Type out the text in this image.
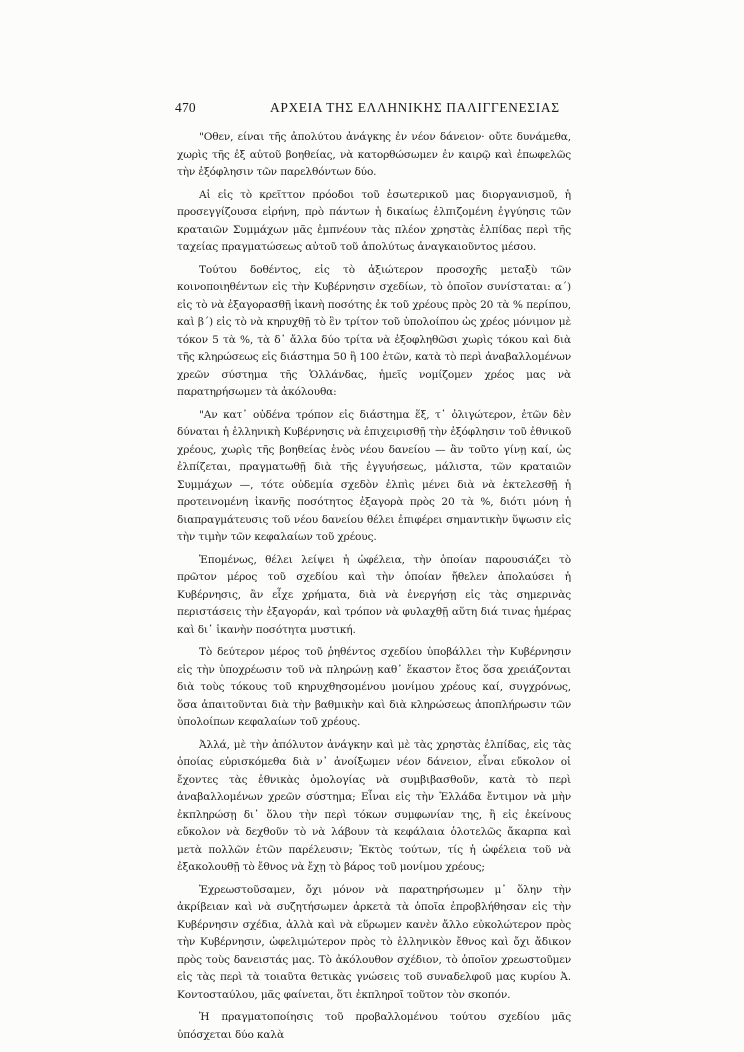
470	ΑΡΧΕΙΑ ΤΗΣ ΕΛΛΗΝΙΚΗΣ ΠΑΛΙΓΓΕΝΕΣΙΑΣ

"Οθεν, είναι τῆς ἀπολύτου ἀνάγκης ἐν νέον δάνειον· οὔτε δυνάμεθα, χωρὶς τῆς ἐξ αὐτοῦ βοηθείας, νὰ κατορθώσωμεν ἐν καιρῷ καὶ ἐπωφελῶς τὴν ἐξόφλησιν τῶν παρελθόντων δύο.

Αἱ εἰς τὸ κρεῖττον πρόοδοι τοῦ ἐσωτερικοῦ μας διοργανισμοῦ, ἡ προσεγγίζουσα εἰρήνη, πρὸ πάντων ἡ δικαίως ἐλπιζομένη ἐγγύησις τῶν κραταιῶν Συμμάχων μᾶς ἐμπνέουν τὰς πλέον χρηστὰς ἐλπίδας περὶ τῆς ταχείας πραγματώσεως αὐτοῦ τοῦ ἀπολύτως ἀναγκαιοῦντος μέσου.

Τούτου δοθέντος, εἰς τὸ ἀξιώτερον προσοχῆς μεταξὺ τῶν κοινοποιηθέντων εἰς τὴν Κυβέρνησιν σχεδίων, τὸ ὁποῖον συνίσταται: α΄) εἰς τὸ νὰ ἐξαγορασθῇ ἱκανὴ ποσότης ἐκ τοῦ χρέους πρὸς 20 τὰ % περίπου, καὶ β΄) εἰς τὸ νὰ κηρυχθῇ τὸ ἓν τρίτον τοῦ ὑπολοίπου ὡς χρέος μόνιμον μὲ τόκον 5 τὰ %, τὰ δ᾽ ἄλλα δύο τρίτα νὰ ἐξοφληθῶσι χωρὶς τόκου καὶ διὰ τῆς κληρώσεως εἰς διάστημα 50 ἢ 100 ἐτῶν, κατὰ τὸ περὶ ἀναβαλλομένων χρεῶν σύστημα τῆς Ὁλλάνδας, ἡμεῖς νομίζομεν χρέος μας νὰ παρατηρήσωμεν τὰ ἀκόλουθα:

"Αν κατ᾽ οὐδένα τρόπον εἰς διάστημα ἕξ, τ᾽ ὀλιγώτερον, ἐτῶν δὲν δύναται ἡ ἑλληνικὴ Κυβέρνησις νὰ ἐπιχειρισθῇ τὴν ἐξόφλησιν τοῦ ἐθνικοῦ χρέους, χωρὶς τῆς βοηθείας ἑνὸς νέου δανείου — ἂν τοῦτο γίνῃ καί, ὡς ἐλπίζεται, πραγματωθῇ διὰ τῆς ἐγγυήσεως, μάλιστα, τῶν κραταιῶν Συμμάχων —, τότε οὐδεμία σχεδὸν ἐλπὶς μένει διὰ νὰ ἐκτελεσθῇ ἡ προτεινομένη ἱκανῆς ποσότητος ἐξαγορὰ πρὸς 20 τὰ %, διότι μόνη ἡ διαπραγμάτευσις τοῦ νέου δανείου θέλει ἐπιφέρει σημαντικὴν ὕψωσιν εἰς τὴν τιμὴν τῶν κεφαλαίων τοῦ χρέους.

Ἑπομένως, θέλει λείψει ἡ ὠφέλεια, τὴν ὁποίαν παρουσιάζει τὸ πρῶτον μέρος τοῦ σχεδίου καὶ τὴν ὁποίαν ἤθελεν ἀπολαύσει ἡ Κυβέρνησις, ἂν εἶχε χρήματα, διὰ νὰ ἐνεργήσῃ εἰς τὰς σημερινὰς περιστάσεις τὴν ἐξαγοράν, καὶ τρόπον νὰ φυλαχθῇ αὕτη διά τινας ἡμέρας καὶ δι᾽ ἱκανὴν ποσότητα μυστική.

Τὸ δεύτερον μέρος τοῦ ῥηθέντος σχεδίου ὑποβάλλει τὴν Κυβέρνησιν εἰς τὴν ὑποχρέωσιν τοῦ νὰ πληρώνῃ καθ᾽ ἕκαστον ἔτος ὅσα χρειάζονται διὰ τοὺς τόκους τοῦ κηρυχθησομένου μονίμου χρέους καί, συγχρόνως, ὅσα ἀπαιτοῦνται διὰ τὴν βαθμικὴν καὶ διὰ κληρώσεως ἀποπλήρωσιν τῶν ὑπολοίπων κεφαλαίων τοῦ χρέους.

Ἀλλά, μὲ τὴν ἀπόλυτον ἀνάγκην καὶ μὲ τὰς χρηστὰς ἐλπίδας, εἰς τὰς ὁποίας εὑρισκόμεθα διὰ ν᾽ ἀνοίξωμεν νέον δάνειον, εἶναι εὔκολον οἱ ἔχοντες τὰς ἐθνικὰς ὁμολογίας νὰ συμβιβασθοῦν, κατὰ τὸ περὶ ἀναβαλλομένων χρεῶν σύστημα; Εἶναι εἰς τὴν Ἑλλάδα ἔντιμον νὰ μὴν ἐκπληρώσῃ δι᾽ ὅλου τὴν περὶ τόκων συμφωνίαν της, ἢ εἰς ἐκείνους εὔκολον νὰ δεχθοῦν τὸ νὰ λάβουν τὰ κεφάλαια ὁλοτελῶς ἄκαρπα καὶ μετὰ πολλῶν ἐτῶν παρέλευσιν; Ἐκτὸς τούτων, τίς ἡ ὠφέλεια τοῦ νὰ ἐξακολουθῇ τὸ ἔθνος νὰ ἔχῃ τὸ βάρος τοῦ μονίμου χρέους;

Ἐχρεωστοῦσαμεν, ὄχι μόνον νὰ παρατηρήσωμεν μ᾽ ὅλην τὴν ἀκρίβειαν καὶ νὰ συζητήσωμεν ἀρκετὰ τὰ ὁποῖα ἐπροβλήθησαν εἰς τὴν Κυβέρνησιν σχέδια, ἀλλὰ καὶ νὰ εὕρωμεν κανὲν ἄλλο εὐκολώτερον πρὸς τὴν Κυβέρνησιν, ὠφελιμώτερον πρὸς τὸ ἑλληνικὸν ἔθνος καὶ ὄχι ἄδικον πρὸς τοὺς δανειστάς μας. Τὸ ἀκόλουθον σχέδιον, τὸ ὁποῖον χρεωστοῦμεν εἰς τὰς περὶ τὰ τοιαῦτα θετικὰς γνώσεις τοῦ συναδελφοῦ μας κυρίου Ἀ. Κοντοσταύλου, μᾶς φαίνεται, ὅτι ἐκπληροῖ τοῦτον τὸν σκοπόν.

Ἡ πραγματοποίησις τοῦ προβαλλομένου τούτου σχεδίου μᾶς ὑπόσχεται δύο καλὰ
